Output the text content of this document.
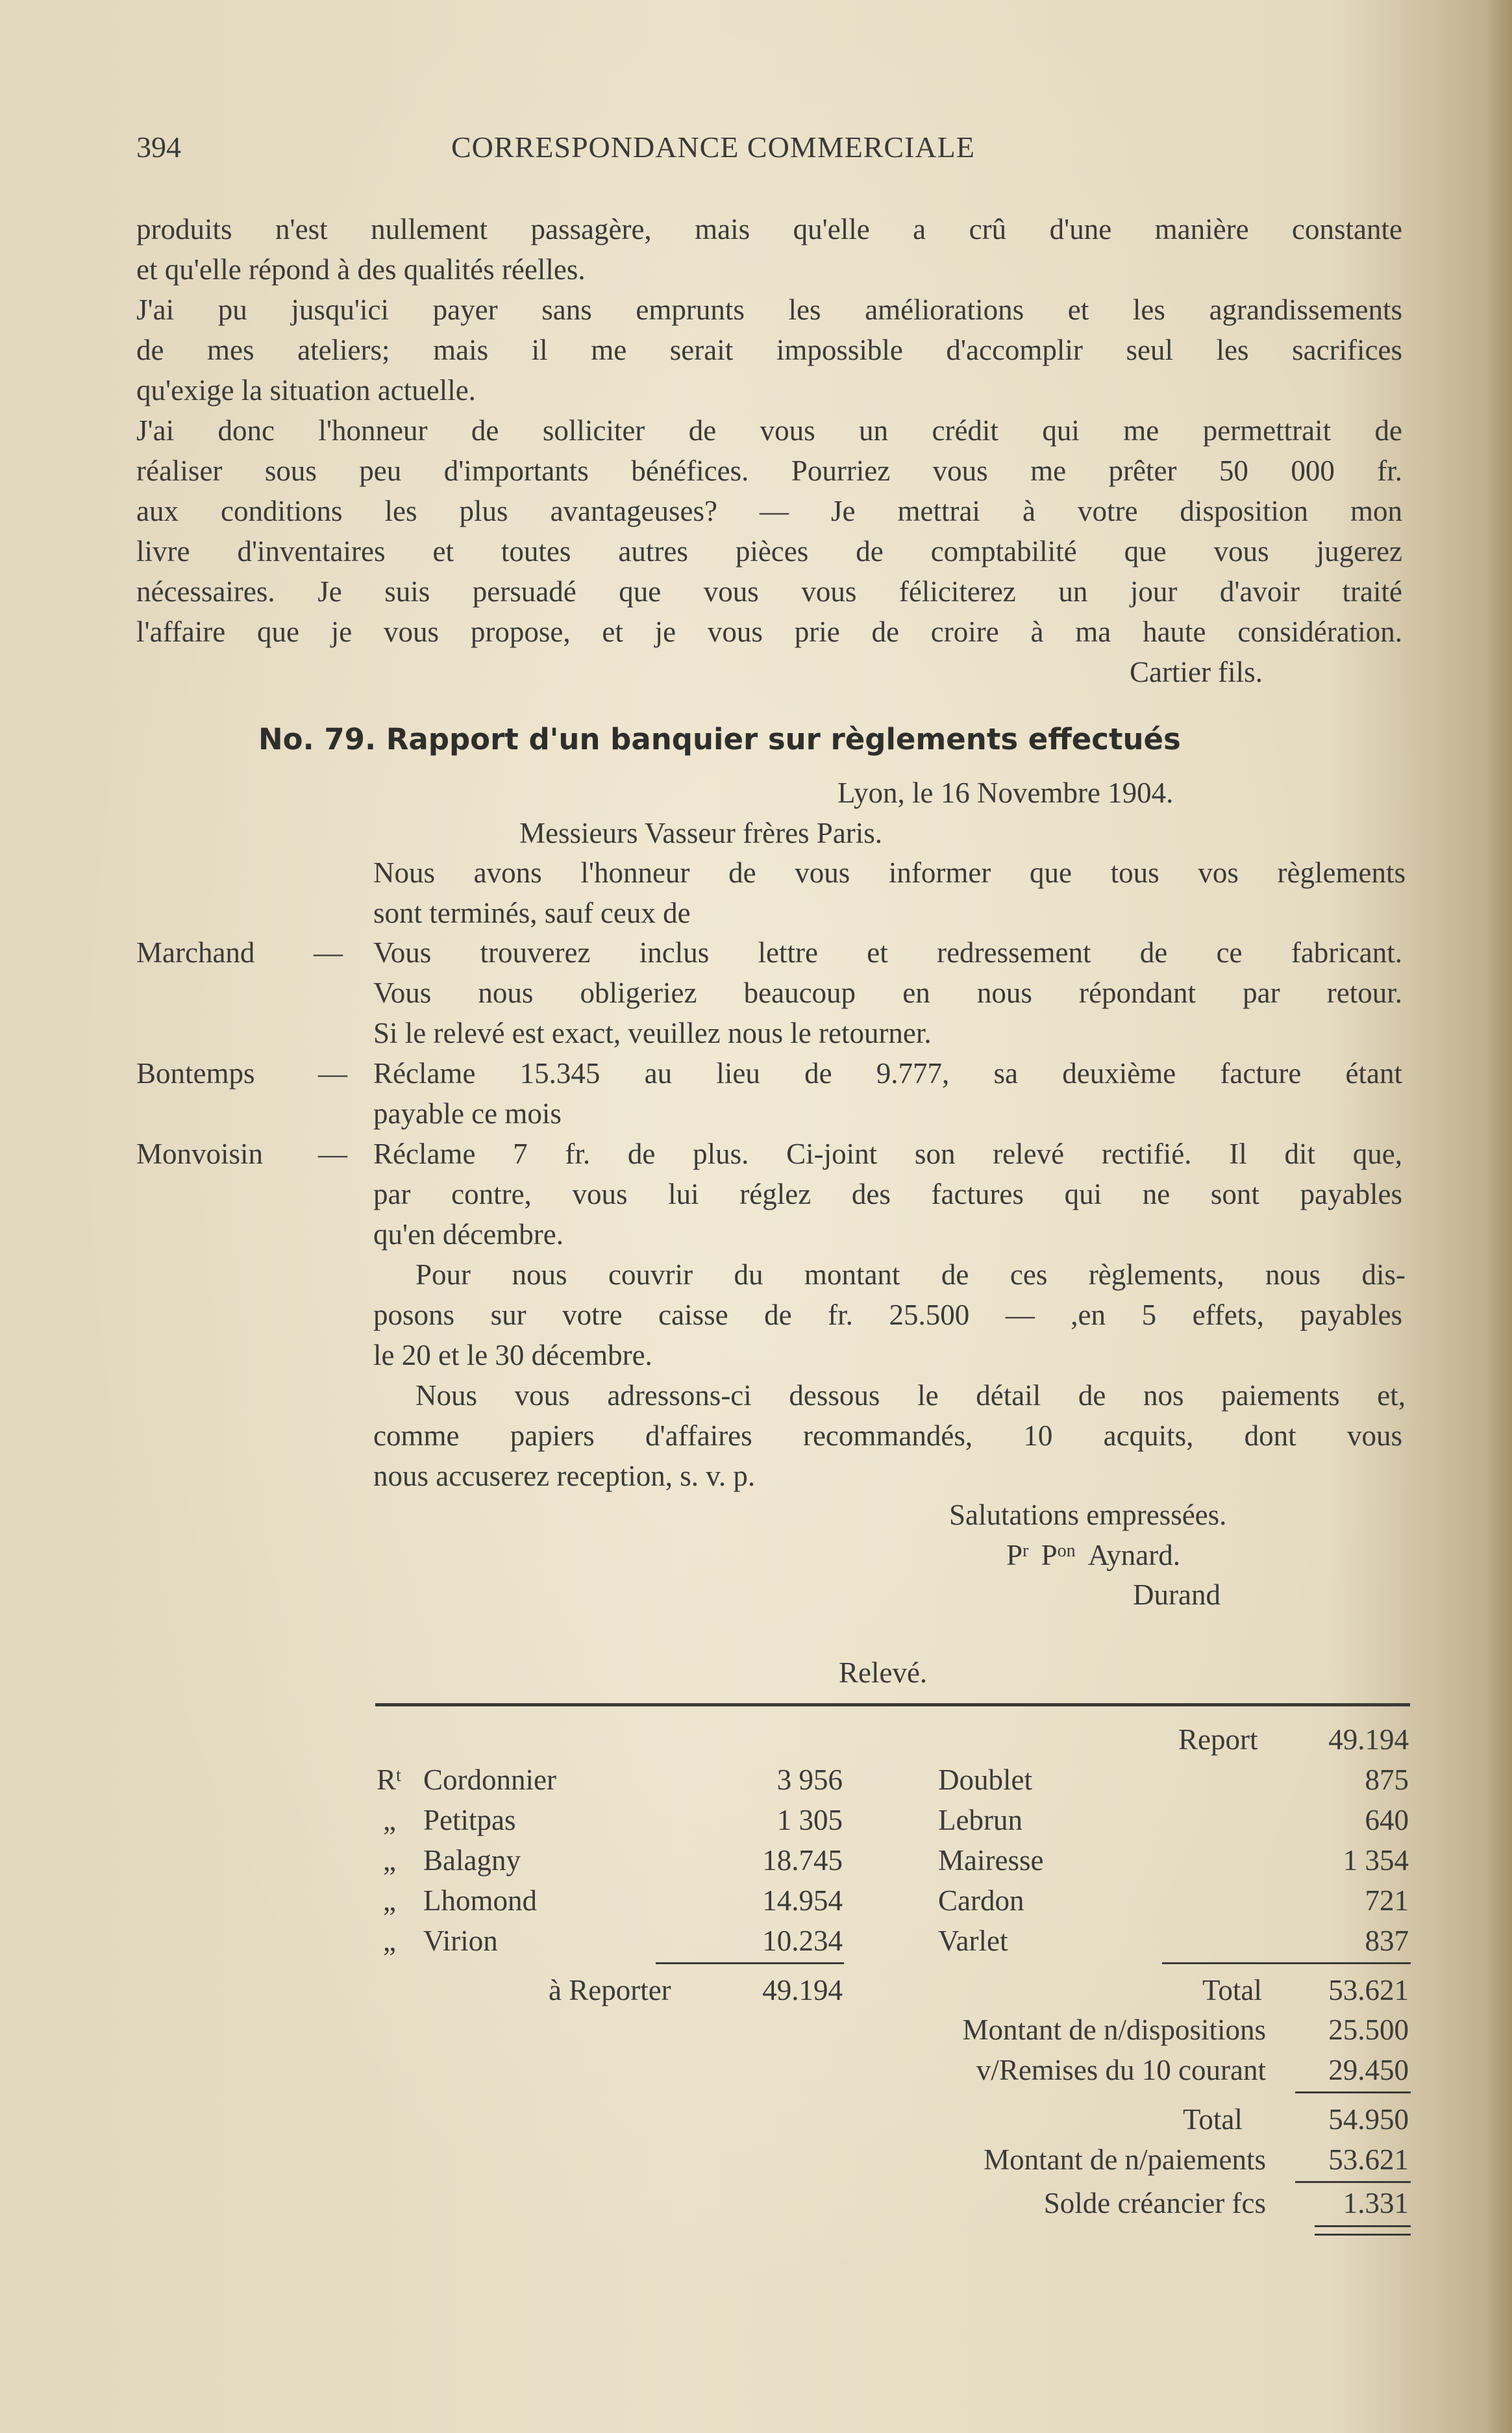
394	CORRESPONDANCE COMMERCIALE
produits n'est nullement passagère, mais qu'elle a crû d'une manière constante
et qu'elle répond à des qualités réelles.
J'ai pu jusqu'ici payer sans emprunts les améliorations et les agrandissements
de mes ateliers; mais il me serait impossible d'accomplir seul les sacrifices
qu'exige la situation actuelle.
J'ai donc l'honneur de solliciter de vous un crédit qui me permettrait de
réaliser sous peu d'importants bénéfices. Pourriez vous me prêter 50 000 fr.
aux conditions les plus avantageuses? — Je mettrai à votre disposition mon
livre d'inventaires et toutes autres pièces de comptabilité que vous jugerez
nécessaires. Je suis persuadé que vous vous féliciterez un jour d'avoir traité
l'affaire que je vous propose, et je vous prie de croire à ma haute considération.
Cartier fils.
No. 79. Rapport d'un banquier sur règlements effectués
Lyon, le 16 Novembre 1904.
Messieurs Vasseur frères Paris.
Nous avons l'honneur de vous informer que tous vos règlements
sont terminés, sauf ceux de
Marchand — Vous trouverez inclus lettre et redressement de ce fabricant.
Vous nous obligeriez beaucoup en nous répondant par retour.
Si le relevé est exact, veuillez nous le retourner.
Bontemps — Réclame 15.345 au lieu de 9.777, sa deuxième facture étant
payable ce mois
Monvoisin — Réclame 7 fr. de plus. Ci-joint son relevé rectifié. Il dit que,
par contre, vous lui réglez des factures qui ne sont payables
qu'en décembre.
Pour nous couvrir du montant de ces règlements, nous dis-
posons sur votre caisse de fr. 25.500 — ,en 5 effets, payables
le 20 et le 30 décembre.
Nous vous adressons-ci dessous le détail de nos paiements et,
comme papiers d'affaires recommandés, 10 acquits, dont vous
nous accuserez reception, s. v. p.
Salutations empressées.
$P^r$ $P^{on}$ Aynard.
Durand
Relevé.
Report	49.194
$R^t$ Cordonnier	3 956	Doublet	875
„ Petitpas	1 305	Lebrun	640
„ Balagny	18.745	Mairesse	1 354
„ Lhomond	14.954	Cardon	721
„ Virion	10.234	Varlet	837
à Reporter	49.194	Total	53.621
Montant de n/dispositions	25.500
v/Remises du 10 courant	29.450
Total	54.950
Montant de n/paiements	53.621
Solde créancier fcs	1.331
